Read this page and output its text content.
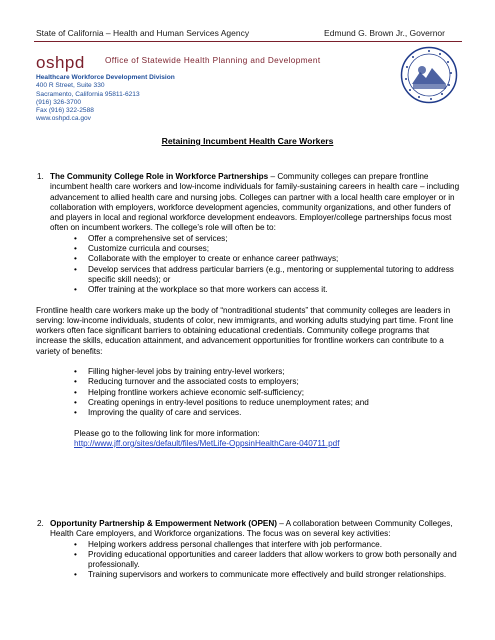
State of California – Health and Human Services Agency	Edmund G. Brown Jr., Governor
oshpd Office of Statewide Health Planning and Development
Healthcare Workforce Development Division
400 R Street, Suite 330
Sacramento, California 95811-6213
(916) 326-3700
Fax (916) 322-2588
www.oshpd.ca.gov
Retaining Incumbent Health Care Workers

1. The Community College Role in Workforce Partnerships – Community colleges can prepare frontline incumbent health care workers and low-income individuals for family-sustaining careers in health care – including advancement to allied health care and nursing jobs. Colleges can partner with a local health care employer or in collaboration with employers, workforce development agencies, community organizations, and other funders of and players in local and regional workforce development endeavors. Employer/college partnerships focus most often on incumbent workers. The college’s role will often be to:

• Offer a comprehensive set of services;
• Customize curricula and courses;
• Collaborate with the employer to create or enhance career pathways;
• Develop services that address particular barriers (e.g., mentoring or supplemental tutoring to address specific skill needs); or
• Offer training at the workplace so that more workers can access it.

Frontline health care workers make up the body of “nontraditional students” that community colleges are leaders in serving: low-income individuals, students of color, new immigrants, and working adults studying part time. Front line workers often face significant barriers to obtaining educational credentials. Community college programs that increase the skills, education attainment, and advancement opportunities for frontline workers can contribute to a variety of benefits:

• Filling higher-level jobs by training entry-level workers;
• Reducing turnover and the associated costs to employers;
• Helping frontline workers achieve economic self-sufficiency;
• Creating openings in entry-level positions to reduce unemployment rates; and
• Improving the quality of care and services.
Please go to the following link for more information:
http://www.jff.org/sites/default/files/MetLife-OppsinHealthCare-040711.pdf

2. Opportunity Partnership & Empowerment Network (OPEN) – A collaboration between Community Colleges, Health Care employers, and Workforce organizations. The focus was on several key activities:

• Helping workers address personal challenges that interfere with job performance.
• Providing educational opportunities and career ladders that allow workers to grow both personally and professionally.
• Training supervisors and workers to communicate more effectively and build stronger relationships.
